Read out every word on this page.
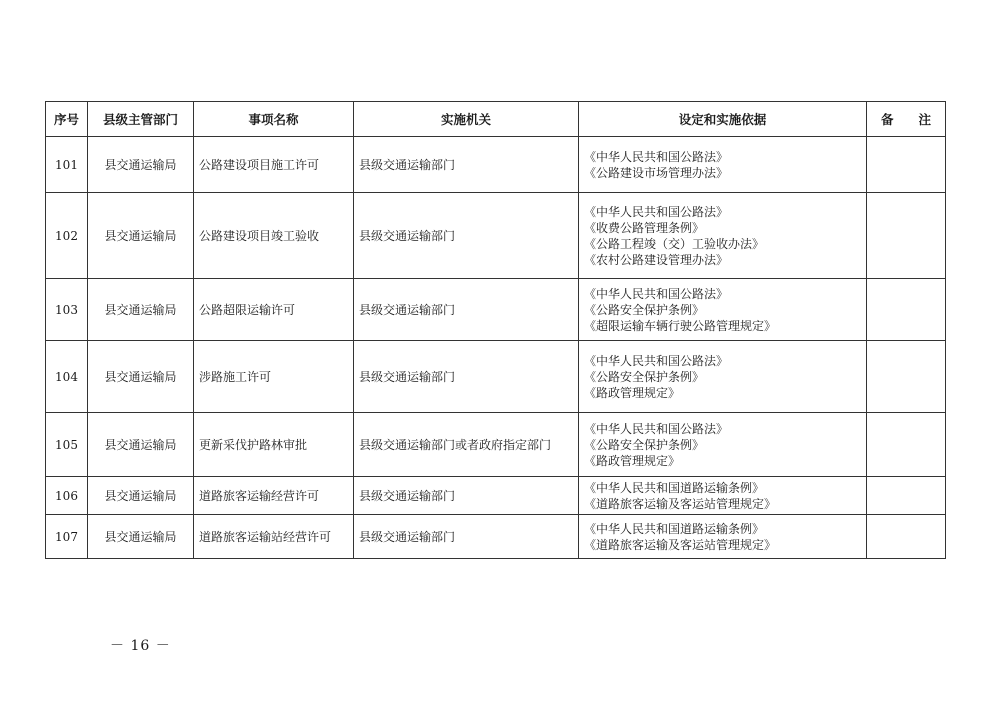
序号	县级主管部门	事项名称	实施机关	设定和实施依据	备　　注
101	县交通运输局	公路建设项目施工许可	县级交通运输部门	《中华人民共和国公路法》
《公路建设市场管理办法》	

102	县交通运输局	公路建设项目竣工验收	县级交通运输部门	《中华人民共和国公路法》
《收费公路管理条例》
《公路工程竣（交）工验收办法》
《农村公路建设管理办法》	

103	县交通运输局	公路超限运输许可	县级交通运输部门	《中华人民共和国公路法》
《公路安全保护条例》
《超限运输车辆行驶公路管理规定》	

104	县交通运输局	涉路施工许可	县级交通运输部门	《中华人民共和国公路法》
《公路安全保护条例》
《路政管理规定》	

105	县交通运输局	更新采伐护路林审批	县级交通运输部门或者政府指定部门	《中华人民共和国公路法》
《公路安全保护条例》
《路政管理规定》	

106	县交通运输局	道路旅客运输经营许可	县级交通运输部门	《中华人民共和国道路运输条例》
《道路旅客运输及客运站管理规定》	

107	县交通运输局	道路旅客运输站经营许可	县级交通运输部门	《中华人民共和国道路运输条例》
《道路旅客运输及客运站管理规定》	

－ 16 －
